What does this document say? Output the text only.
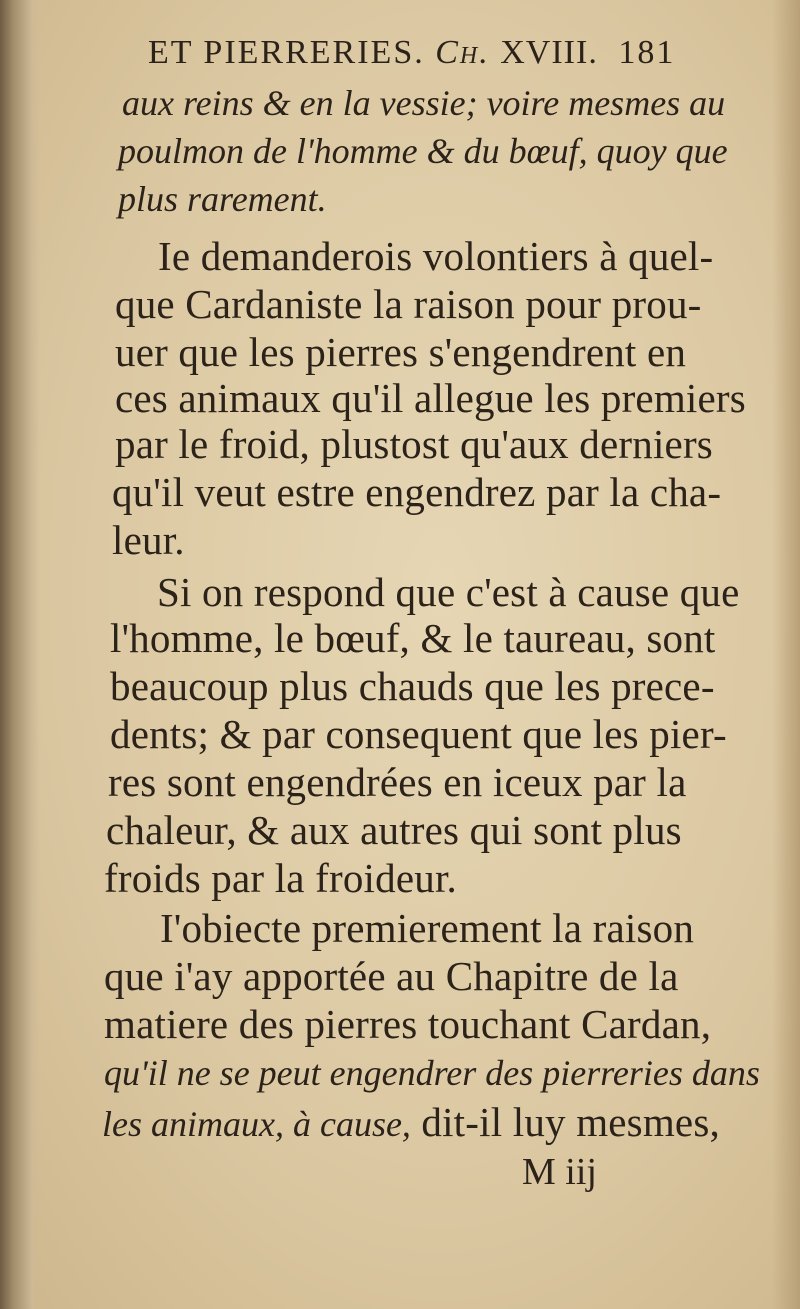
ET PIERRERIES. Ch. XVIII. 181
aux reins & en la vessie; voire mesmes au
poulmon de l'homme & du bœuf, quoy que
plus rarement.
Ie demanderois volontiers à quel-
que Cardaniste la raison pour prou-
uer que les pierres s'engendrent en
ces animaux qu'il allegue les premiers
par le froid, plustost qu'aux derniers
qu'il veut estre engendrez par la cha-
leur.
Si on respond que c'est à cause que
l'homme, le bœuf, & le taureau, sont
beaucoup plus chauds que les prece-
dents; & par consequent que les pier-
res sont engendrées en iceux par la
chaleur, & aux autres qui sont plus
froids par la froideur.
I'obiecte premierement la raison
que i'ay apportée au Chapitre de la
matiere des pierres touchant Cardan,
qu'il ne se peut engendrer des pierreries dans
les animaux, à cause, dit-il luy mesmes,
M iij
